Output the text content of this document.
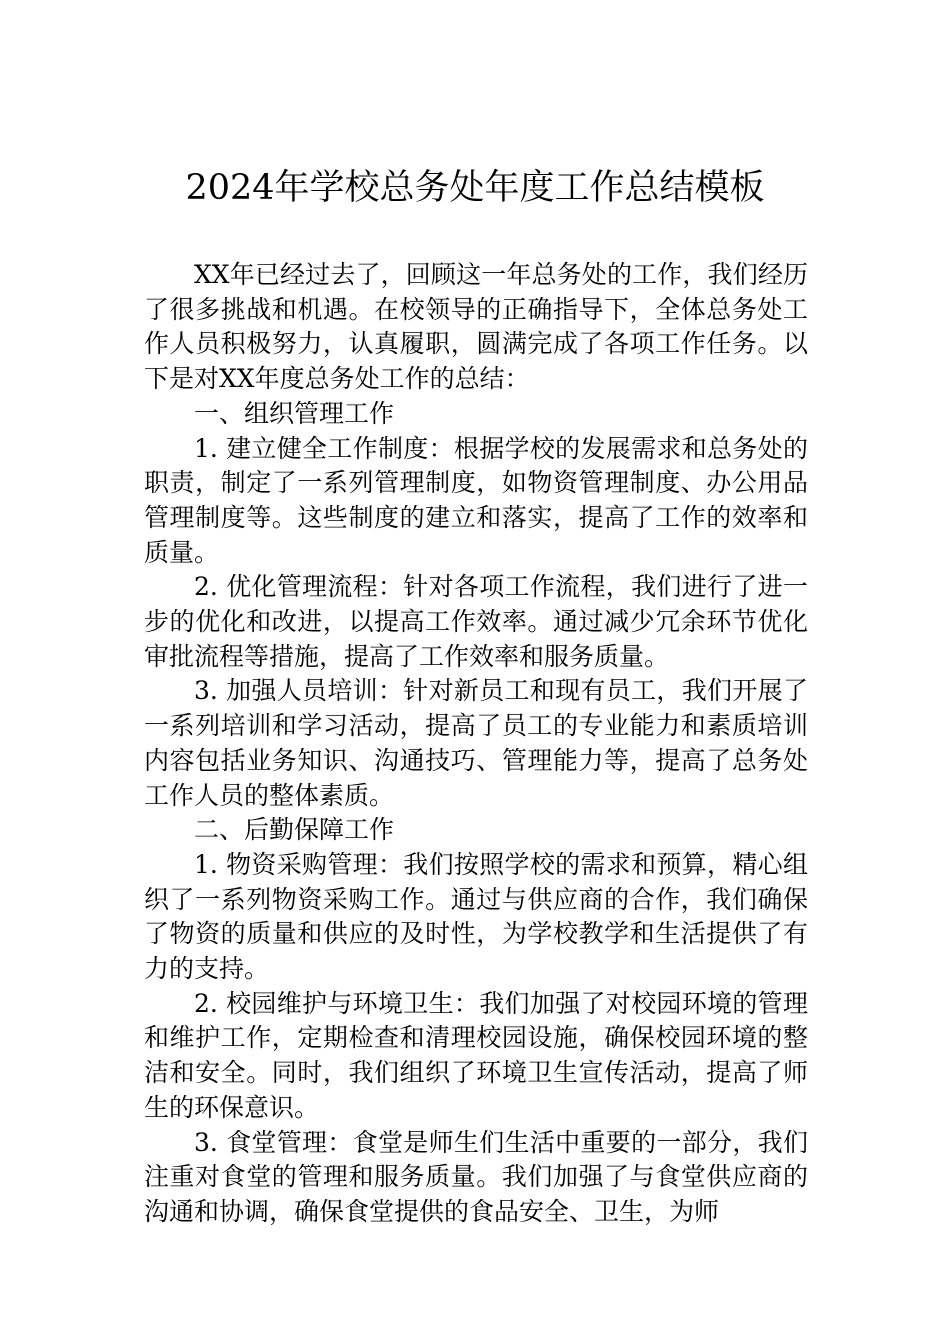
2024年学校总务处年度工作总结模板

XX年已经过去了，回顾这一年总务处的工作，我们经历了很多挑战和机遇。在校领导的正确指导下，全体总务处工作人员积极努力，认真履职，圆满完成了各项工作任务。以下是对XX年度总务处工作的总结：

一、组织管理工作

1. 建立健全工作制度：根据学校的发展需求和总务处的职责，制定了一系列管理制度，如物资管理制度、办公用品管理制度等。这些制度的建立和落实，提高了工作的效率和质量。

2. 优化管理流程：针对各项工作流程，我们进行了进一步的优化和改进，以提高工作效率。通过减少冗余环节优化审批流程等措施，提高了工作效率和服务质量。

3. 加强人员培训：针对新员工和现有员工，我们开展了一系列培训和学习活动，提高了员工的专业能力和素质培训内容包括业务知识、沟通技巧、管理能力等，提高了总务处工作人员的整体素质。

二、后勤保障工作

1. 物资采购管理：我们按照学校的需求和预算，精心组织了一系列物资采购工作。通过与供应商的合作，我们确保了物资的质量和供应的及时性，为学校教学和生活提供了有力的支持。

2. 校园维护与环境卫生：我们加强了对校园环境的管理和维护工作，定期检查和清理校园设施，确保校园环境的整洁和安全。同时，我们组织了环境卫生宣传活动，提高了师生的环保意识。

3. 食堂管理：食堂是师生们生活中重要的一部分，我们注重对食堂的管理和服务质量。我们加强了与食堂供应商的沟通和协调，确保食堂提供的食品安全、卫生，为师
